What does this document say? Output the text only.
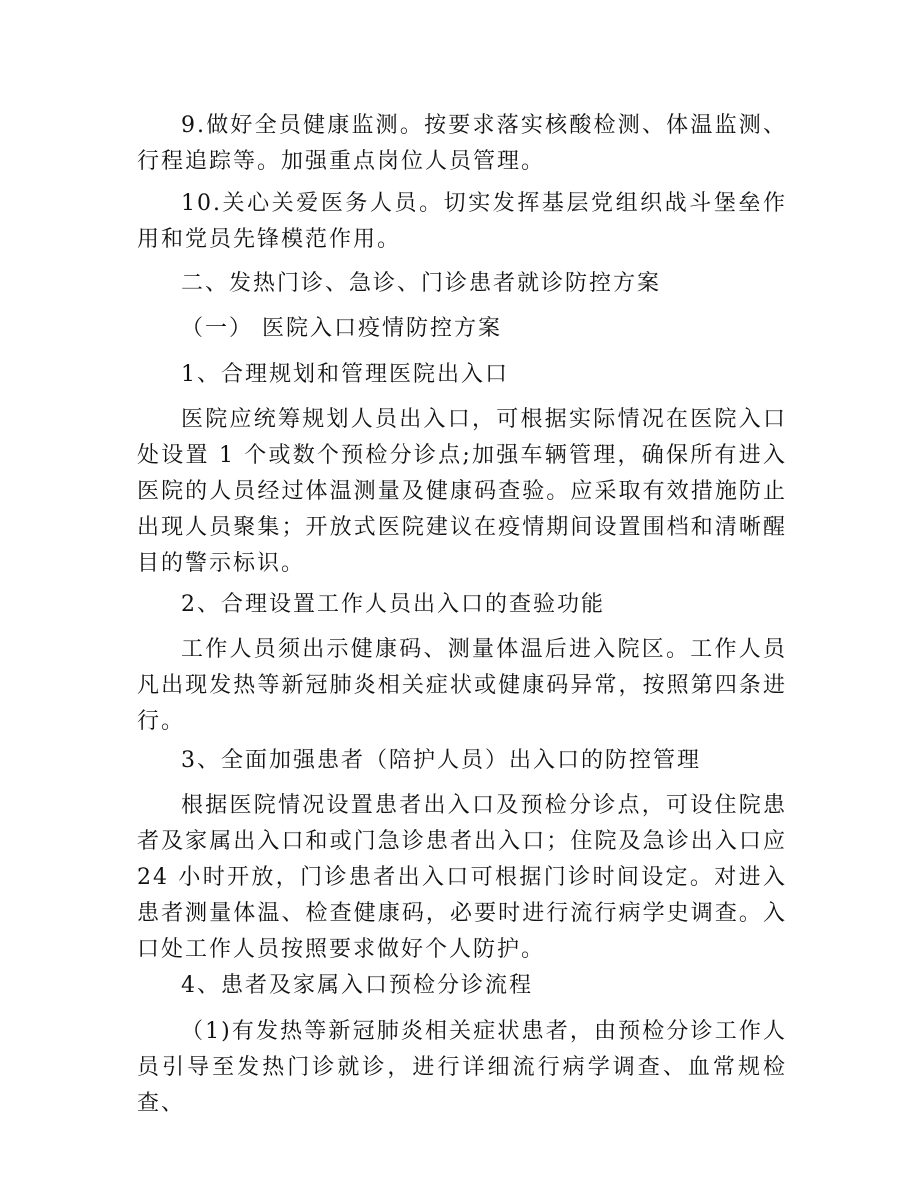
9.做好全员健康监测。按要求落实核酸检测、体温监测、行程追踪等。加强重点岗位人员管理。

10.关心关爱医务人员。切实发挥基层党组织战斗堡垒作用和党员先锋模范作用。

二、发热门诊、急诊、门诊患者就诊防控方案

（一） 医院入口疫情防控方案

1、合理规划和管理医院出入口

医院应统筹规划人员出入口，可根据实际情况在医院入口处设置 1 个或数个预检分诊点;加强车辆管理，确保所有进入医院的人员经过体温测量及健康码查验。应采取有效措施防止出现人员聚集；开放式医院建议在疫情期间设置围档和清晰醒目的警示标识。

2、合理设置工作人员出入口的查验功能

工作人员须出示健康码、测量体温后进入院区。工作人员凡出现发热等新冠肺炎相关症状或健康码异常，按照第四条进行。

3、全面加强患者（陪护人员）出入口的防控管理

根据医院情况设置患者出入口及预检分诊点，可设住院患者及家属出入口和或门急诊患者出入口；住院及急诊出入口应24 小时开放，门诊患者出入口可根据门诊时间设定。对进入患者测量体温、检查健康码，必要时进行流行病学史调查。入口处工作人员按照要求做好个人防护。

4、患者及家属入口预检分诊流程

（1)有发热等新冠肺炎相关症状患者，由预检分诊工作人员引导至发热门诊就诊，进行详细流行病学调查、血常规检查、
